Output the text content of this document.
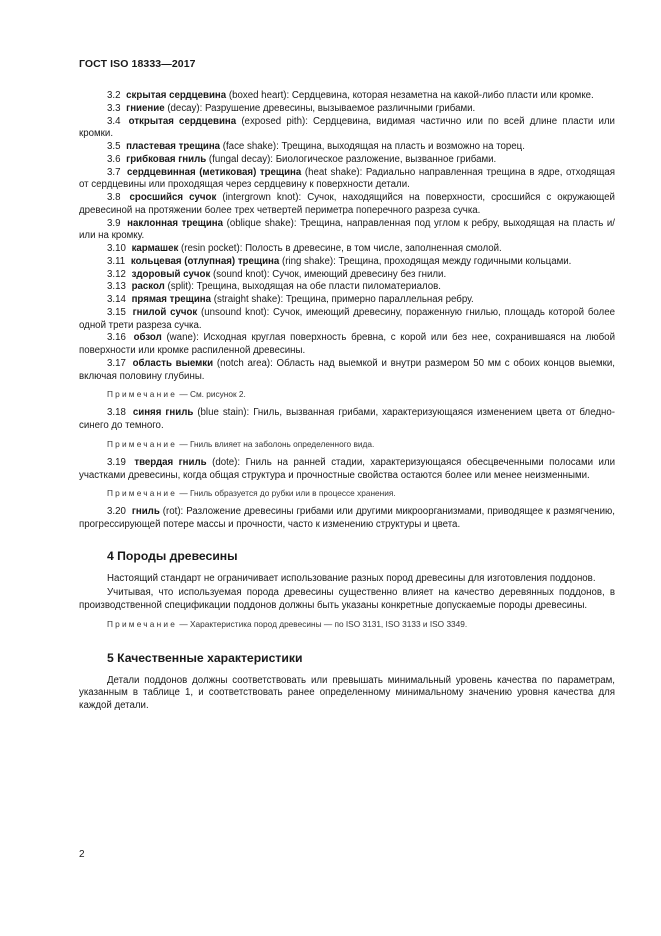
ГОСТ ISO 18333—2017

3.2 скрытая сердцевина (boxed heart): Сердцевина, которая незаметна на какой-либо пласти или кромке.

3.3 гниение (decay): Разрушение древесины, вызываемое различными грибами.

3.4 открытая сердцевина (exposed pith): Сердцевина, видимая частично или по всей длине пласти или кромки.

3.5 пластевая трещина (face shake): Трещина, выходящая на пласть и возможно на торец.

3.6 грибковая гниль (fungal decay): Биологическое разложение, вызванное грибами.

3.7 сердцевинная (метиковая) трещина (heat shake): Радиально направленная трещина в ядре, отходящая от сердцевины или проходящая через сердцевину к поверхности детали.

3.8 сросшийся сучок (intergrown knot): Сучок, находящийся на поверхности, сросшийся с окружающей древесиной на протяжении более трех четвертей периметра поперечного разреза сучка.

3.9 наклонная трещина (oblique shake): Трещина, направленная под углом к ребру, выходящая на пласть и/или на кромку.

3.10 кармашек (resin pocket): Полость в древесине, в том числе, заполненная смолой.

3.11 кольцевая (отлупная) трещина (ring shake): Трещина, проходящая между годичными кольцами.

3.12 здоровый сучок (sound knot): Сучок, имеющий древесину без гнили.

3.13 раскол (split): Трещина, выходящая на обе пласти пиломатериалов.

3.14 прямая трещина (straight shake): Трещина, примерно параллельная ребру.

3.15 гнилой сучок (unsound knot): Сучок, имеющий древесину, пораженную гнилью, площадь которой более одной трети разреза сучка.

3.16 обзол (wane): Исходная круглая поверхность бревна, с корой или без нее, сохранившаяся на любой поверхности или кромке распиленной древесины.

3.17 область выемки (notch area): Область над выемкой и внутри размером 50 мм с обоих концов выемки, включая половину глубины.

Примечание — См. рисунок 2.

3.18 синяя гниль (blue stain): Гниль, вызванная грибами, характеризующаяся изменением цвета от бледно-синего до темного.

Примечание — Гниль влияет на заболонь определенного вида.

3.19 твердая гниль (dote): Гниль на ранней стадии, характеризующаяся обесцвеченными полосами или участками древесины, когда общая структура и прочностные свойства остаются более или менее неизменными.

Примечание — Гниль образуется до рубки или в процессе хранения.

3.20 гниль (rot): Разложение древесины грибами или другими микроорганизмами, приводящее к размягчению, прогрессирующей потере массы и прочности, часто к изменению структуры и цвета.

4 Породы древесины

Настоящий стандарт не ограничивает использование разных пород древесины для изготовления поддонов.

Учитывая, что используемая порода древесины существенно влияет на качество деревянных поддонов, в производственной спецификации поддонов должны быть указаны конкретные допускаемые породы древесины.

Примечание — Характеристика пород древесины — по ISO 3131, ISO 3133 и ISO 3349.

5 Качественные характеристики

Детали поддонов должны соответствовать или превышать минимальный уровень качества по параметрам, указанным в таблице 1, и соответствовать ранее определенному минимальному значению уровня качества для каждой детали.

2
